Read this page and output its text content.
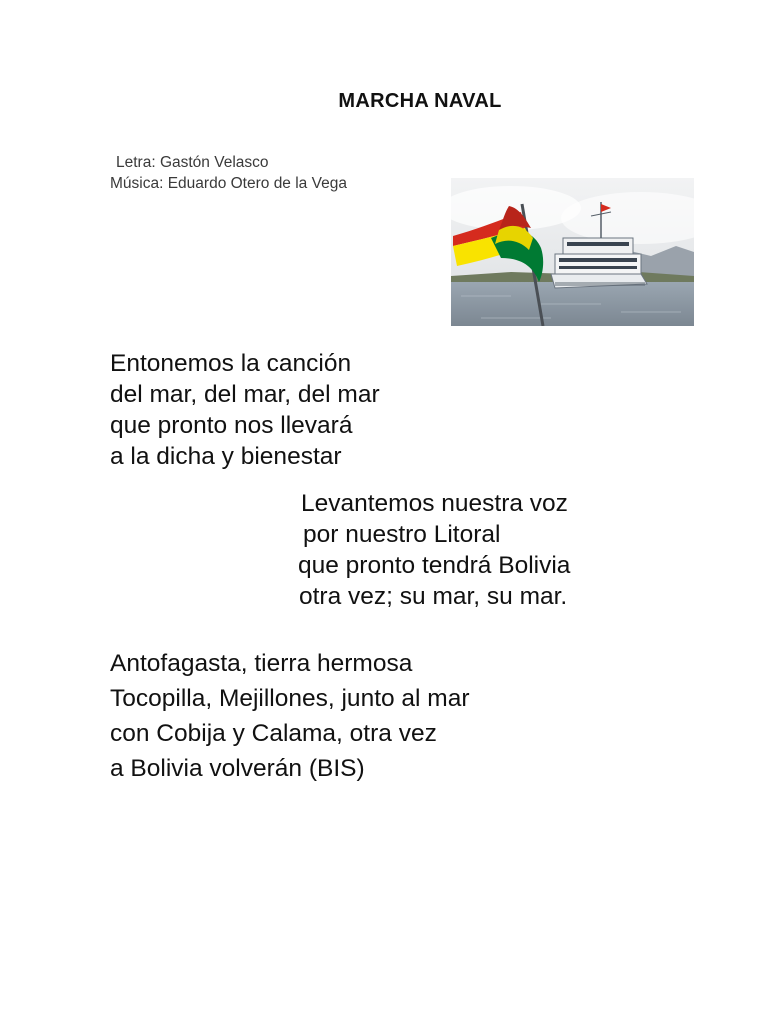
MARCHA NAVAL
Letra: Gastón Velasco
Música: Eduardo Otero de la Vega
Entonemos la canción
del mar, del mar, del mar
que pronto nos llevará
a la dicha y bienestar
Levantemos nuestra voz
por nuestro Litoral
que pronto tendrá Bolivia
otra vez; su mar, su mar.
Antofagasta, tierra hermosa
Tocopilla, Mejillones, junto al mar
con Cobija y Calama, otra vez
a Bolivia volverán (BIS)
